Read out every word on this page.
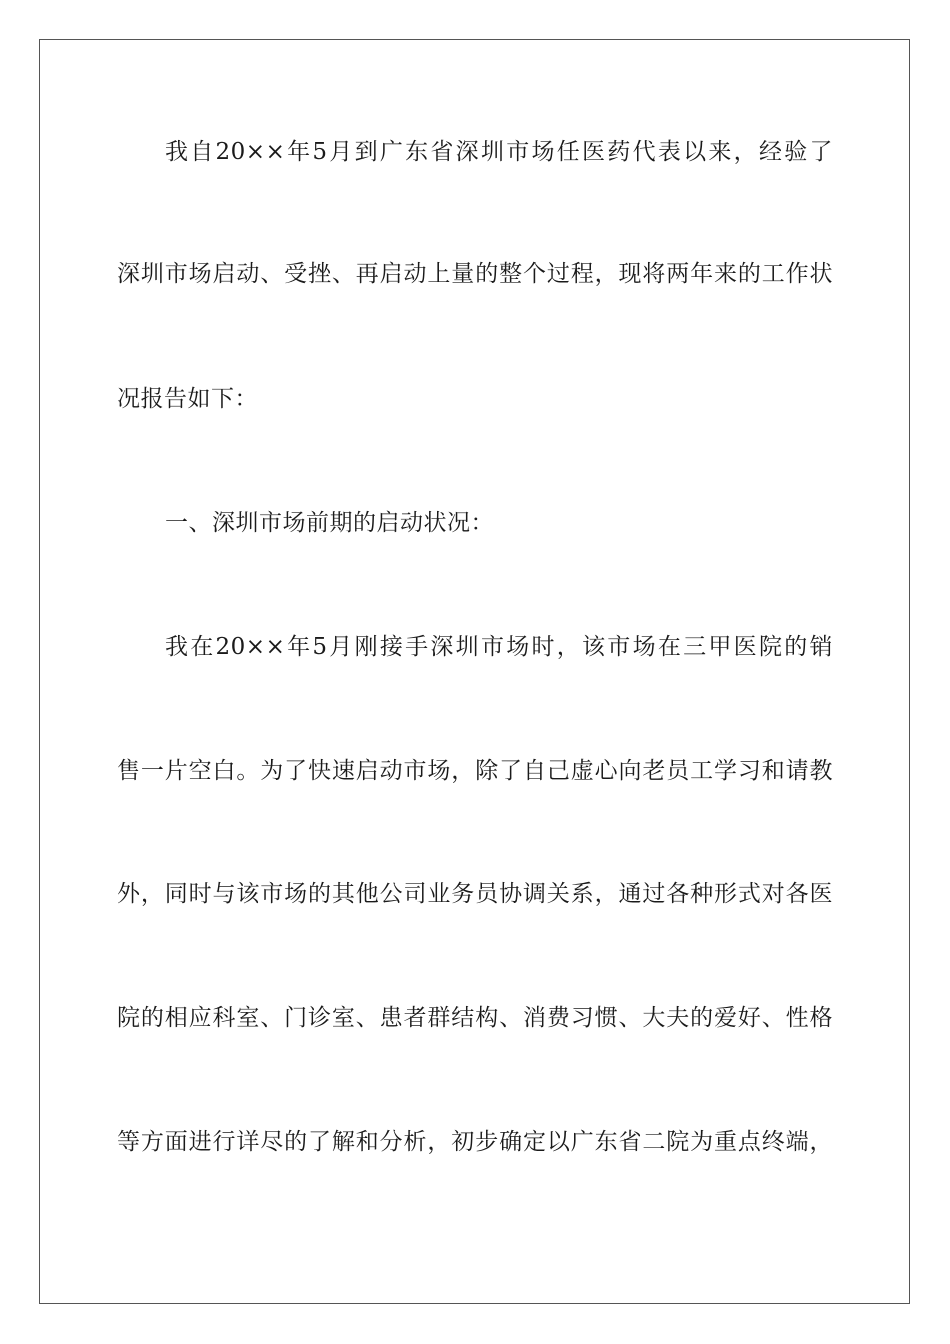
我自20××年5月到广东省深圳市场任医药代表以来，经验了
深圳市场启动、受挫、再启动上量的整个过程，现将两年来的工作状
况报告如下：
一、深圳市场前期的启动状况：
我在20××年5月刚接手深圳市场时，该市场在三甲医院的销
售一片空白。为了快速启动市场，除了自己虚心向老员工学习和请教
外，同时与该市场的其他公司业务员协调关系，通过各种形式对各医
院的相应科室、门诊室、患者群结构、消费习惯、大夫的爱好、性格
等方面进行详尽的了解和分析，初步确定以广东省二院为重点终端，
